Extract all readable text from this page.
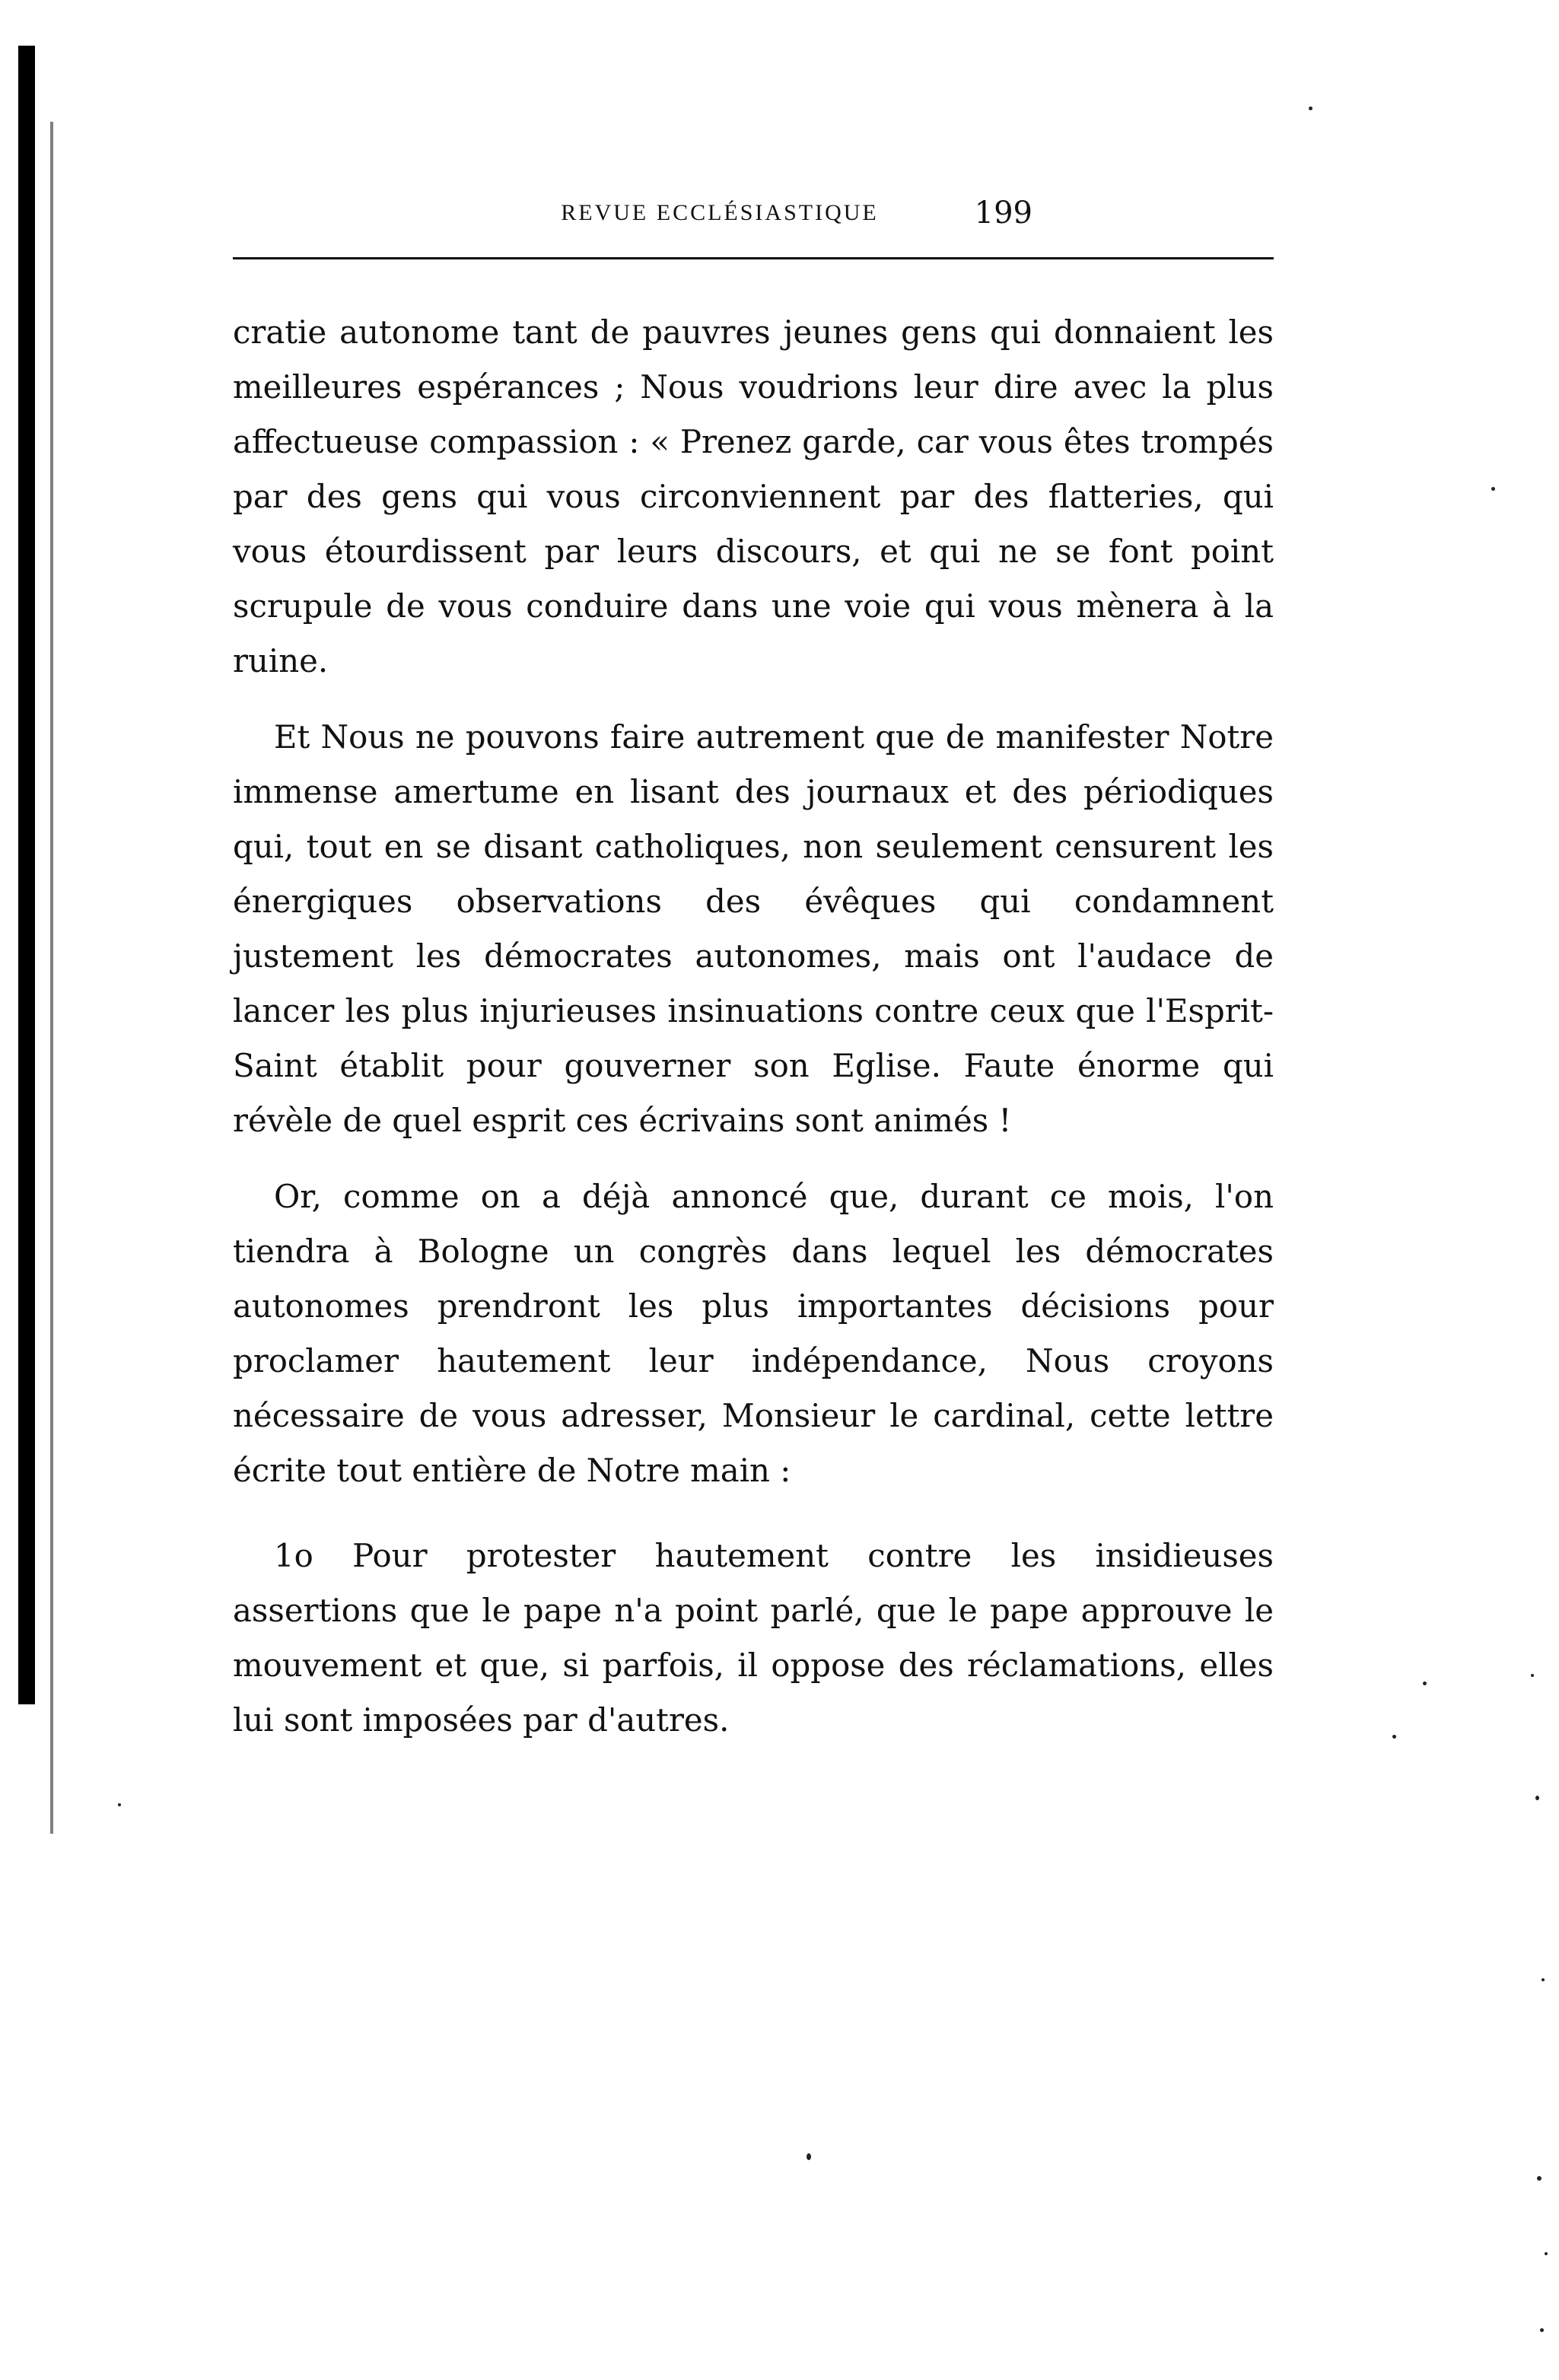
REVUE ECCLÉSIASTIQUE	199

cratie autonome tant de pauvres jeunes gens qui donnaient les meilleures espérances ; Nous voudrions leur dire avec la plus affectueuse compassion : « Prenez garde, car vous êtes trompés par des gens qui vous circonviennent par des flatteries, qui vous étourdissent par leurs discours, et qui ne se font point scrupule de vous conduire dans une voie qui vous mènera à la ruine.

Et Nous ne pouvons faire autrement que de manifester Notre immense amertume en lisant des journaux et des périodiques qui, tout en se disant catholiques, non seulement censurent les énergiques observations des évêques qui condamnent justement les démocrates autonomes, mais ont l'audace de lancer les plus injurieuses insinuations contre ceux que l'Esprit-Saint établit pour gouverner son Eglise. Faute énorme qui révèle de quel esprit ces écrivains sont animés !

Or, comme on a déjà annoncé que, durant ce mois, l'on tiendra à Bologne un congrès dans lequel les démocrates autonomes prendront les plus importantes décisions pour proclamer hautement leur indépendance, Nous croyons nécessaire de vous adresser, Monsieur le cardinal, cette lettre écrite tout entière de Notre main :

1o Pour protester hautement contre les insidieuses assertions que le pape n'a point parlé, que le pape approuve le mouvement et que, si parfois, il oppose des réclamations, elles lui sont imposées par d'autres.
